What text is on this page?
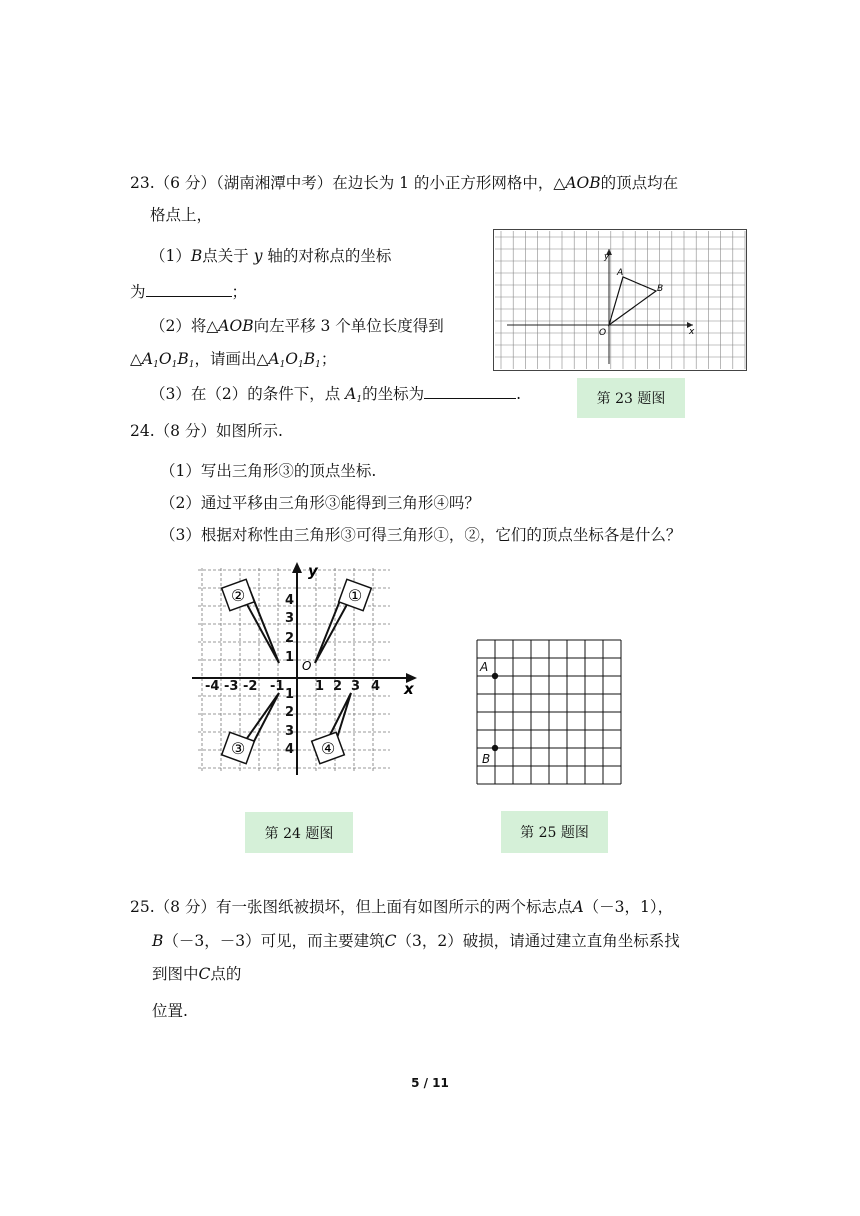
23.（6 分）（湖南湘潭中考）在边长为 1 的小正方形网格中，△AOB的顶点均在
格点上，
（1）B点关于 y 轴的对称点的坐标
为	；
（2）将△AOB向左平移 3 个单位长度得到
$\triangle A_1O_1B_1$，请画出$\triangle A_1O_1B_1$；
（3）在（2）的条件下，点 $A_1$的坐标为	.
y
x
A
B
O
第 23 题图
24.（8 分）如图所示.
（1）写出三角形③的顶点坐标.
（2）通过平移由三角形③能得到三角形④吗？
（3）根据对称性由三角形③可得三角形①，②，它们的顶点坐标各是什么？
y
x
O
-4 -3 -2 -1 1 2 3 4
4
3
2
1
1
2
3
4
①
②
③	④
第 24 题图
A
B
第 25 题图
25.（8 分）有一张图纸被损坏，但上面有如图所示的两个标志点A（－3，1），
B（－3，－3）可见，而主要建筑C（3，2）破损，请通过建立直角坐标系找
到图中C点的
位置.
5 / 11
